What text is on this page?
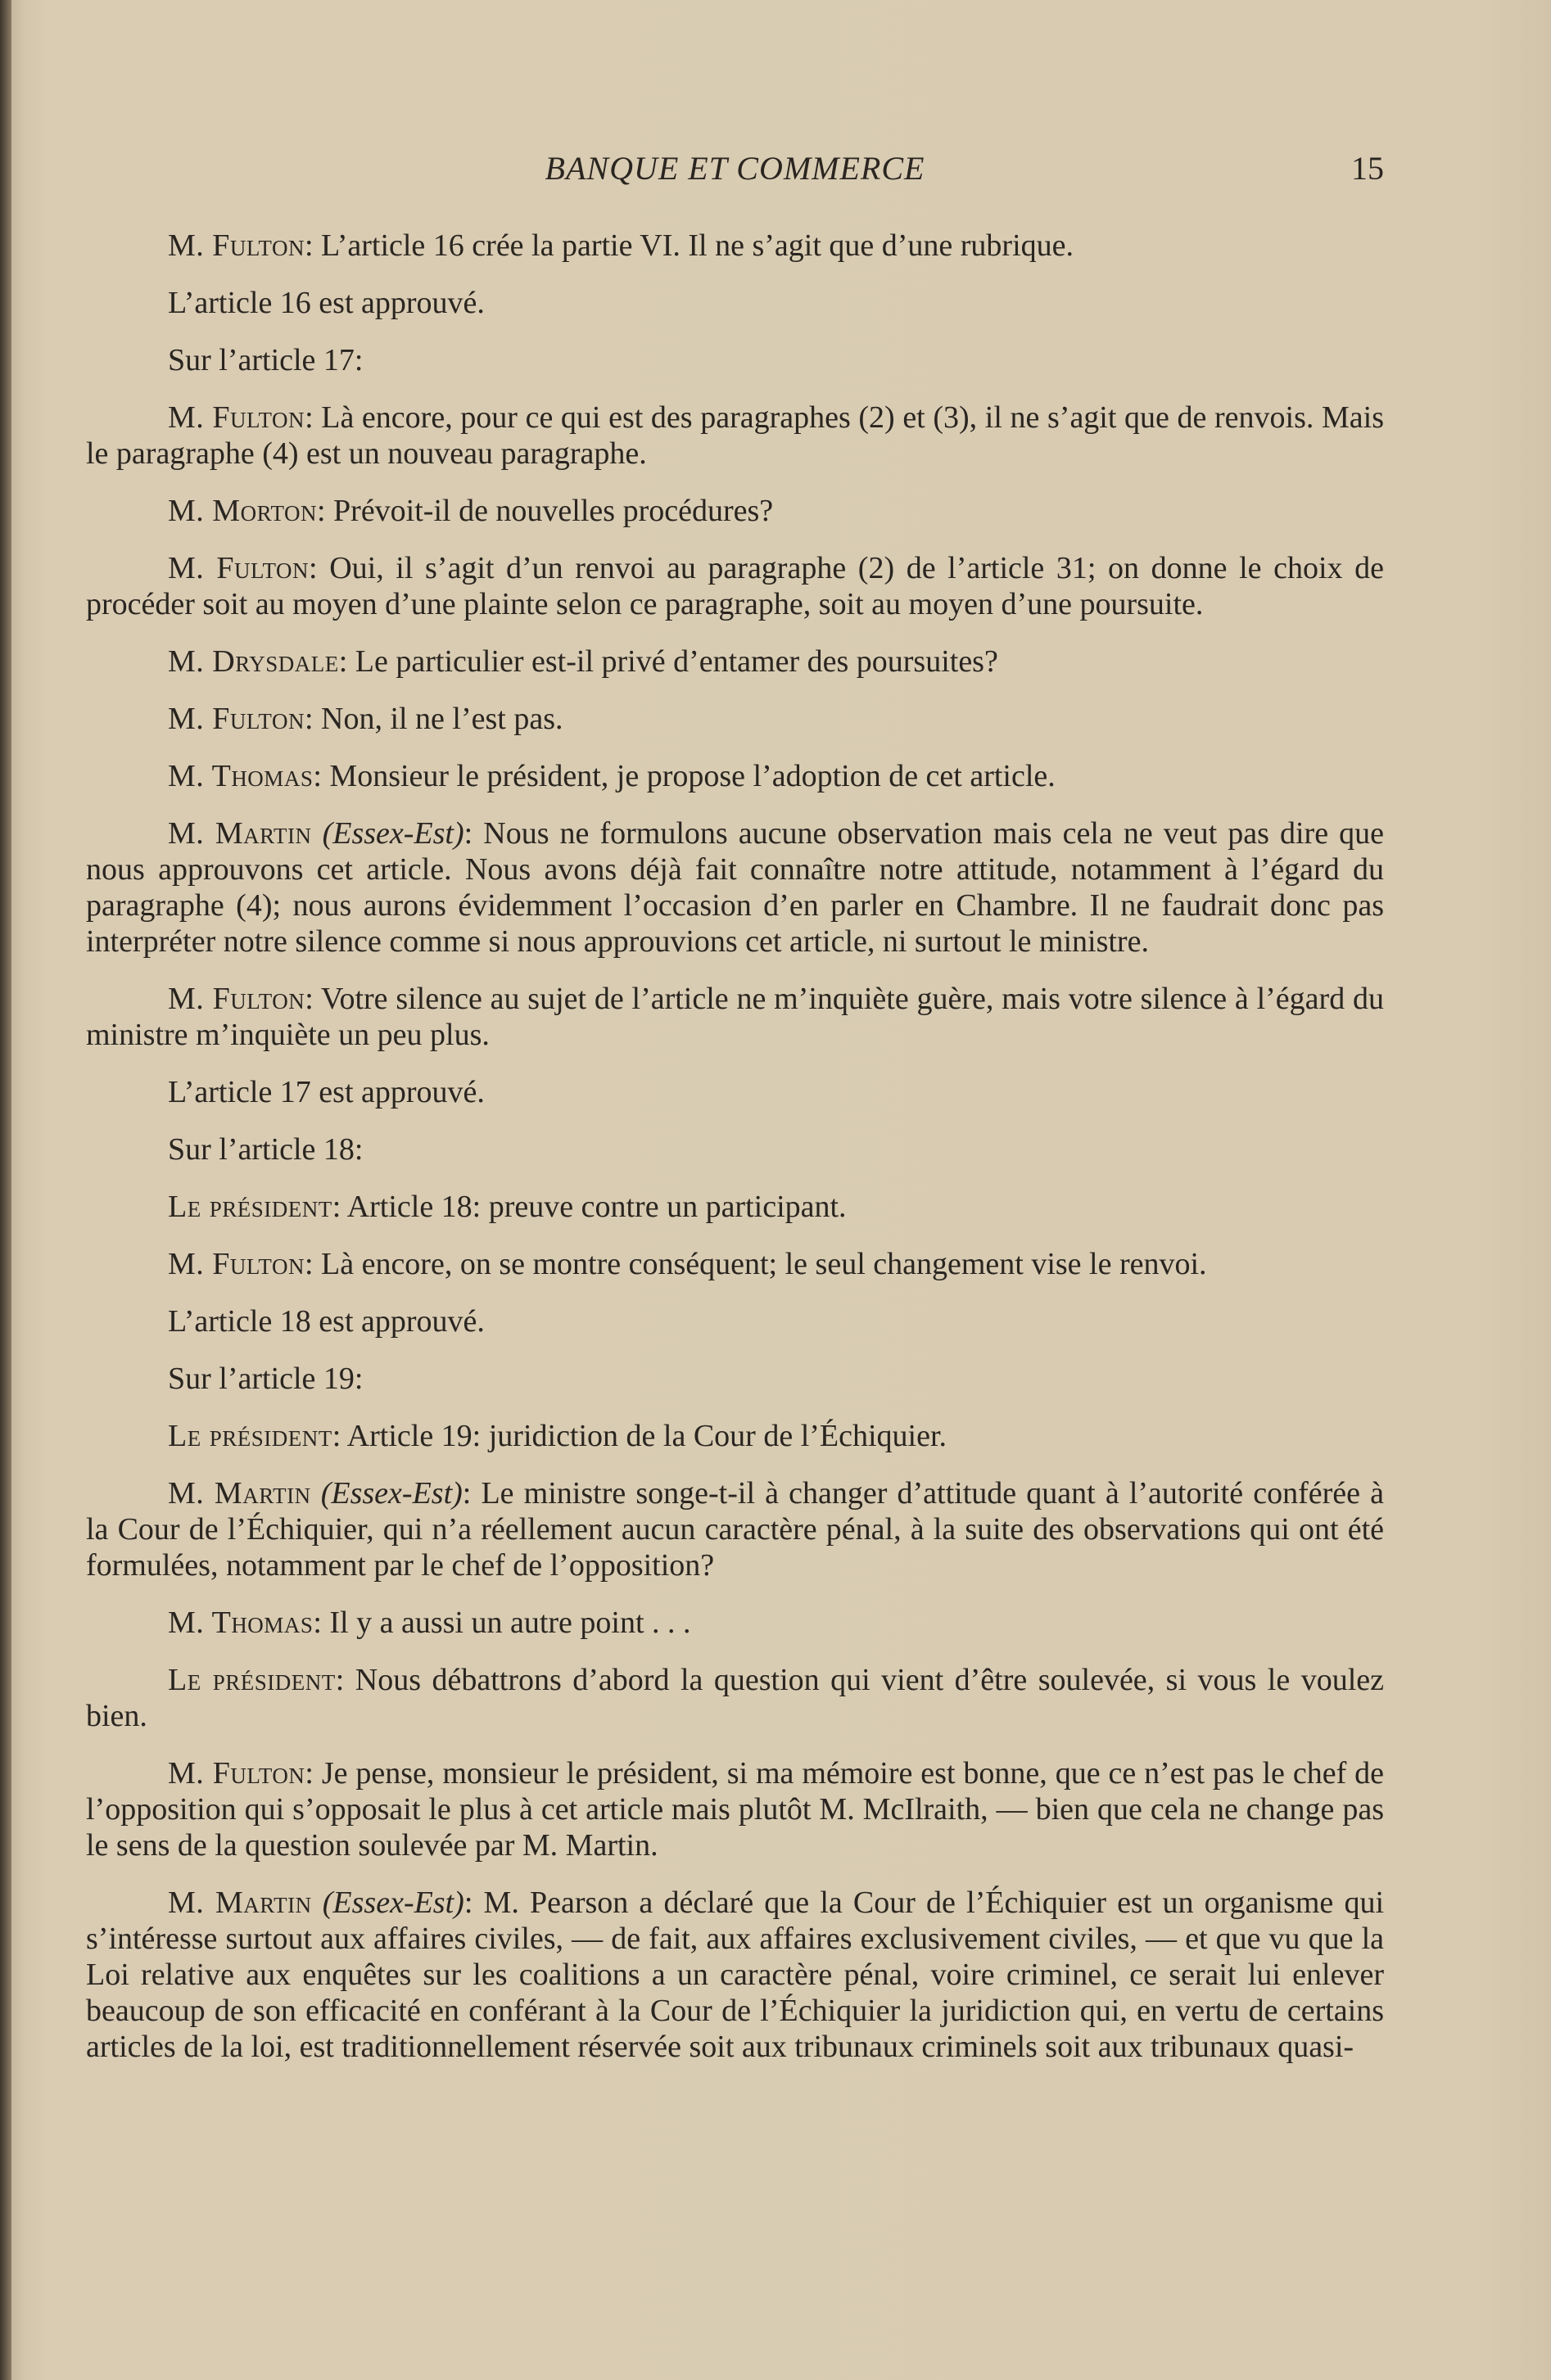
BANQUE ET COMMERCE	15

M. Fulton: L’article 16 crée la partie VI. Il ne s’agit que d’une rubrique.

L’article 16 est approuvé.

Sur l’article 17:

M. Fulton: Là encore, pour ce qui est des paragraphes (2) et (3), il ne s’agit que de renvois. Mais le paragraphe (4) est un nouveau paragraphe.

M. Morton: Prévoit-il de nouvelles procédures?

M. Fulton: Oui, il s’agit d’un renvoi au paragraphe (2) de l’article 31; on donne le choix de procéder soit au moyen d’une plainte selon ce paragraphe, soit au moyen d’une poursuite.

M. Drysdale: Le particulier est-il privé d’entamer des poursuites?

M. Fulton: Non, il ne l’est pas.

M. Thomas: Monsieur le président, je propose l’adoption de cet article.

M. Martin (Essex-Est): Nous ne formulons aucune observation mais cela ne veut pas dire que nous approuvons cet article. Nous avons déjà fait connaître notre attitude, notamment à l’égard du paragraphe (4); nous aurons évidemment l’occasion d’en parler en Chambre. Il ne faudrait donc pas interpréter notre silence comme si nous approuvions cet article, ni surtout le ministre.

M. Fulton: Votre silence au sujet de l’article ne m’inquiète guère, mais votre silence à l’égard du ministre m’inquiète un peu plus.

L’article 17 est approuvé.

Sur l’article 18:

Le président: Article 18: preuve contre un participant.

M. Fulton: Là encore, on se montre conséquent; le seul changement vise le renvoi.

L’article 18 est approuvé.

Sur l’article 19:

Le président: Article 19: juridiction de la Cour de l’Échiquier.

M. Martin (Essex-Est): Le ministre songe-t-il à changer d’attitude quant à l’autorité conférée à la Cour de l’Échiquier, qui n’a réellement aucun caractère pénal, à la suite des observations qui ont été formulées, notamment par le chef de l’opposition?

M. Thomas: Il y a aussi un autre point . . .

Le président: Nous débattrons d’abord la question qui vient d’être soulevée, si vous le voulez bien.

M. Fulton: Je pense, monsieur le président, si ma mémoire est bonne, que ce n’est pas le chef de l’opposition qui s’opposait le plus à cet article mais plutôt M. McIlraith, — bien que cela ne change pas le sens de la question soulevée par M. Martin.

M. Martin (Essex-Est): M. Pearson a déclaré que la Cour de l’Échiquier est un organisme qui s’intéresse surtout aux affaires civiles, — de fait, aux affaires exclusivement civiles, — et que vu que la Loi relative aux enquêtes sur les coalitions a un caractère pénal, voire criminel, ce serait lui enlever beaucoup de son efficacité en conférant à la Cour de l’Échiquier la juridiction qui, en vertu de certains articles de la loi, est traditionnellement réservée soit aux tribunaux criminels soit aux tribunaux quasi-
